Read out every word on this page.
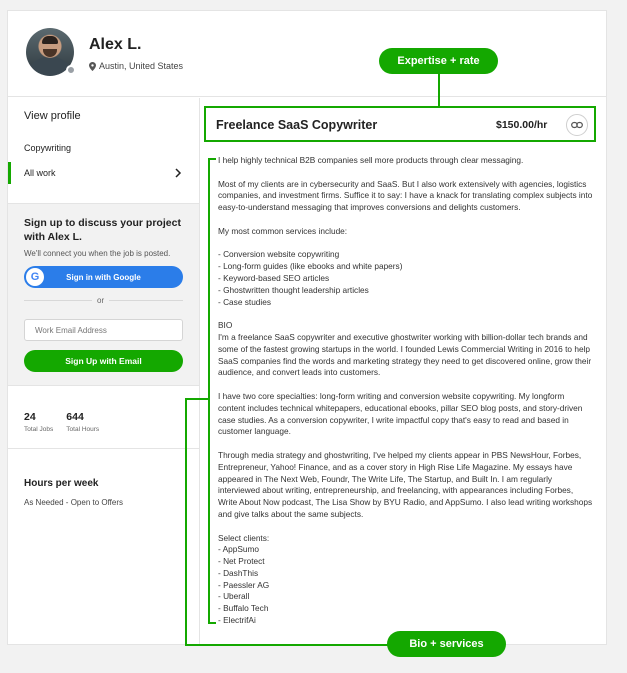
Alex L.
Austin, United States
View profile
Copywriting
All work
Sign up to discuss your project with Alex L.
We'll connect you when the job is posted.
G	Sign in with Google
or
Work Email Address
Sign Up with Email
24
Total Jobs
644
Total Hours
Hours per week
As Needed - Open to Offers
Freelance SaaS Copywriter	$150.00/hr

I help highly technical B2B companies sell more products through clear messaging.

Most of my clients are in cybersecurity and SaaS. But I also work extensively with agencies, logistics companies, and investment firms. Suffice it to say: I have a knack for translating complex subjects into easy-to-understand messaging that improves conversions and delights customers.

My most common services include:

- Conversion website copywriting
- Long-form guides (like ebooks and white papers)
- Keyword-based SEO articles
- Ghostwritten thought leadership articles
- Case studies

BIO
I'm a freelance SaaS copywriter and executive ghostwriter working with billion-dollar tech brands and some of the fastest growing startups in the world. I founded Lewis Commercial Writing in 2016 to help SaaS companies find the words and marketing strategy they need to get discovered online, grow their audience, and convert leads into customers.

I have two core specialties: long-form writing and conversion website copywriting. My longform content includes technical whitepapers, educational ebooks, pillar SEO blog posts, and story-driven case studies. As a conversion copywriter, I write impactful copy that's easy to read and based in customer language.

Through media strategy and ghostwriting, I've helped my clients appear in PBS NewsHour, Forbes, Entrepreneur, Yahoo! Finance, and as a cover story in High Rise Life Magazine. My essays have appeared in The Next Web, Foundr, The Write Life, The Startup, and Built In. I am regularly interviewed about writing, entrepreneurship, and freelancing, with appearances including Forbes, Write About Now podcast, The Lisa Show by BYU Radio, and AppSumo. I also lead writing workshops and give talks about the same subjects.

Select clients:
- AppSumo
- Net Protect
- DashThis
- Paessler AG
- Uberall
- Buffalo Tech
- ElectrifAi

Expertise + rate
Bio + services
